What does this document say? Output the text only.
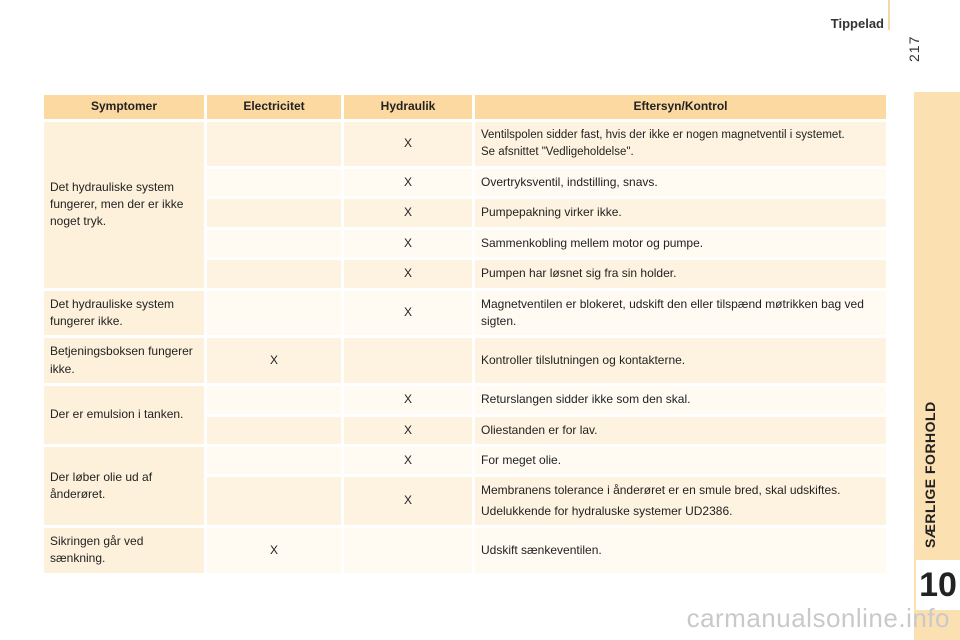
Tippelad
217
SÆRLIGE FORHOLD
10
Symptomer	Electricitet	Hydraulik	Eftersyn/Kontrol
Det hydrauliske system fungerer, men der er ikke noget tryk.		X	Ventilspolen sidder fast, hvis der ikke er nogen magnetventil i systemet.
Se afsnittet "Vedligeholdelse".

		X	Overtryksventil, indstilling, snavs.
		X	Pumpepakning virker ikke.
		X	Sammenkobling mellem motor og pumpe.
		X	Pumpen har løsnet sig fra sin holder.
Det hydrauliske system fungerer ikke.		X	Magnetventilen er blokeret, udskift den eller tilspænd møtrikken bag ved sigten.
Betjeningsboksen fungerer ikke.	X		Kontroller tilslutningen og kontakterne.
Der er emulsion i tanken.		X	Returslangen sidder ikke som den skal.
		X	Oliestanden er for lav.
Der løber olie ud af ånderøret.		X	For meget olie.
		X	Membranens tolerance i ånderøret er en smule bred, skal udskiftes.
Udelukkende for hydraluske systemer UD2386.

Sikringen går ved sænkning.	X		Udskift sænkeventilen.
carmanualsonline.info
